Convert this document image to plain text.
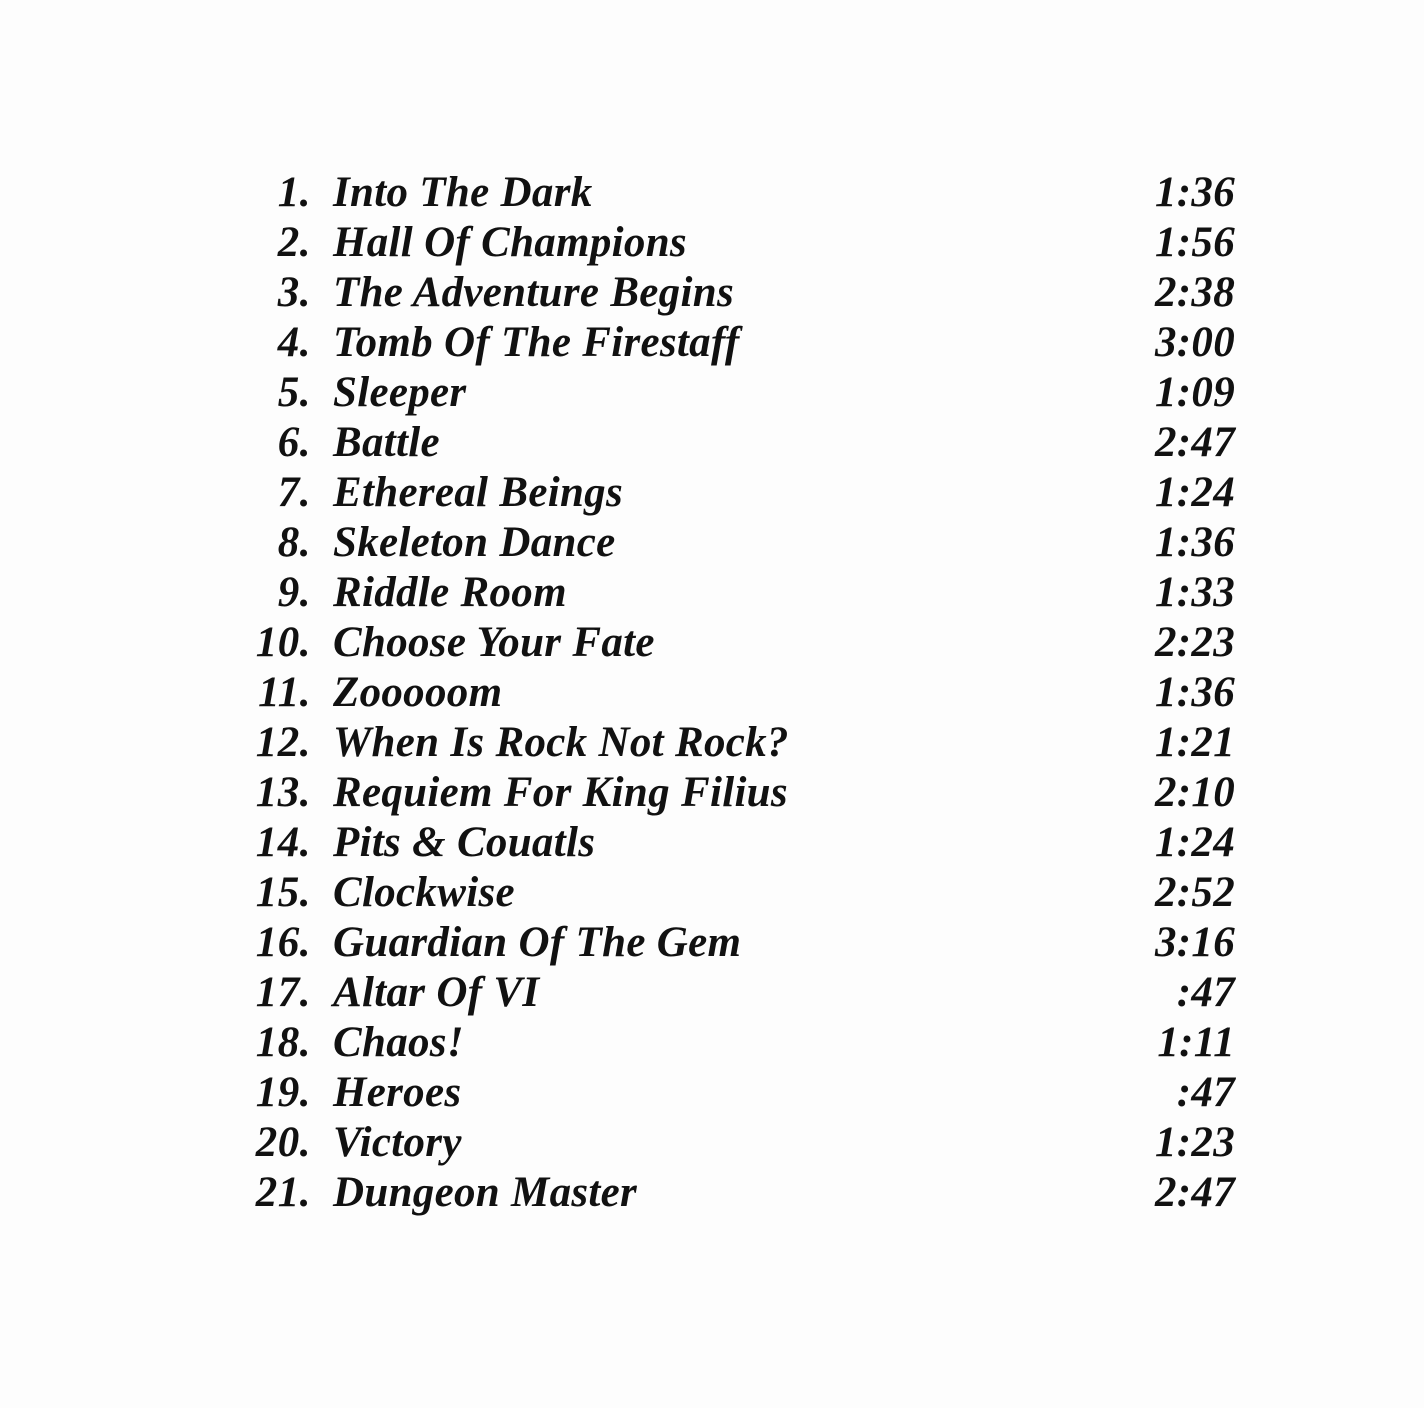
1. Into The Dark	1:36
2. Hall Of Champions	1:56
3. The Adventure Begins	2:38
4. Tomb Of The Firestaff	3:00
5. Sleeper	1:09
6. Battle	2:47
7. Ethereal Beings	1:24
8. Skeleton Dance	1:36
9. Riddle Room	1:33
10. Choose Your Fate	2:23
11. Zooooom	1:36
12. When Is Rock Not Rock?	1:21
13. Requiem For King Filius	2:10
14. Pits & Couatls	1:24
15. Clockwise	2:52
16. Guardian Of The Gem	3:16
17. Altar Of VI	:47
18. Chaos!	1:11
19. Heroes	:47
20. Victory	1:23
21. Dungeon Master	2:47
